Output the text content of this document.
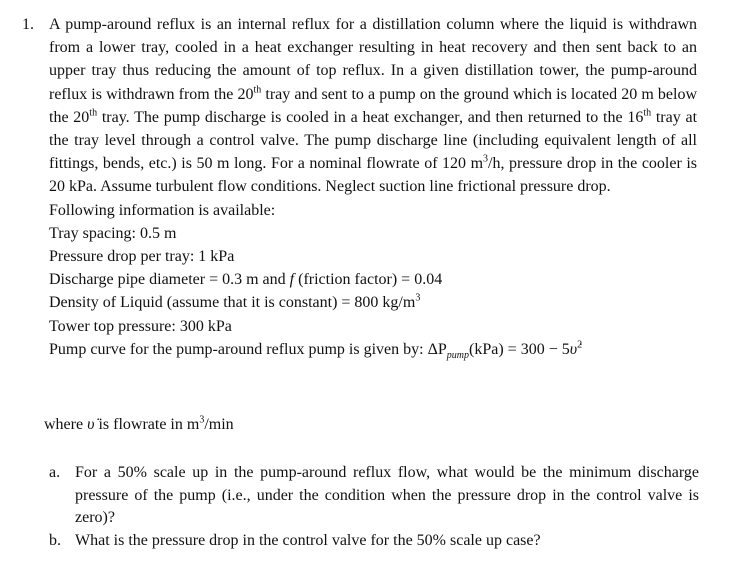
1. A pump-around reflux is an internal reflux for a distillation column where the liquid is withdrawn from a lower tray, cooled in a heat exchanger resulting in heat recovery and then sent back to an upper tray thus reducing the amount of top reflux. In a given distillation tower, the pump-around reflux is withdrawn from the 20th tray and sent to a pump on the ground which is located 20 m below the 20th tray. The pump discharge is cooled in a heat exchanger, and then returned to the 16th tray at the tray level through a control valve. The pump discharge line (including equivalent length of all fittings, bends, etc.) is 50 m long. For a nominal flowrate of 120 $m^3/h$, pressure drop in the cooler is 20 kPa. Assume turbulent flow conditions. Neglect suction line frictional pressure drop.

Following information is available:
Tray spacing: 0.5 m
Pressure drop per tray: 1 kPa
Discharge pipe diameter = 0.3 m and f (friction factor) = 0.04
Density of Liquid (assume that it is constant) = 800 $kg/m^3$
Tower top pressure: 300 kPa
Pump curve for the pump-around reflux pump is given by: $\Delta P_{pump}(kPa) = 300$ − 5υ̇$^2$
where υ̇ is flowrate in $m^3/\min$
a. For a 50% scale up in the pump-around reflux flow, what would be the minimum discharge pressure of the pump (i.e., under the condition when the pressure drop in the control valve is zero)?
b. What is the pressure drop in the control valve for the 50% scale up case?
